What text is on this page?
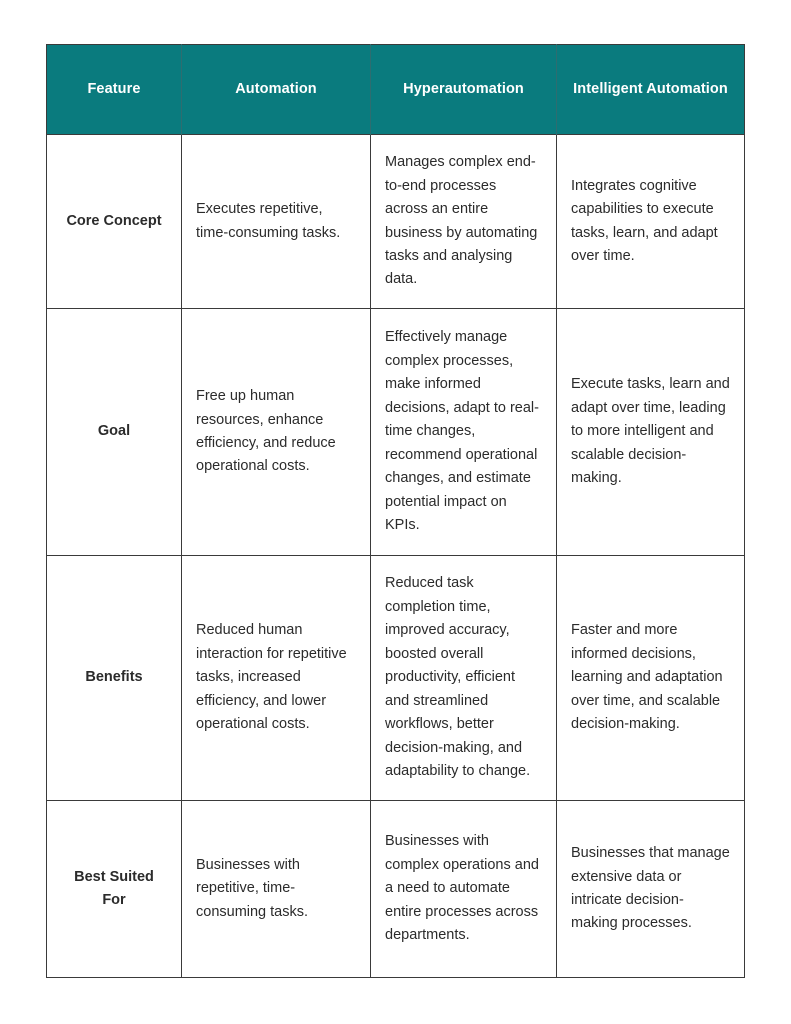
Feature	Automation	Hyperautomation	Intelligent Automation
Core Concept	Executes repetitive, time-consuming tasks.	Manages complex end-to-end processes across an entire business by automating tasks and analysing data.	Integrates cognitive capabilities to execute tasks, learn, and adapt over time.
Goal	Free up human resources, enhance efficiency, and reduce operational costs.	Effectively manage complex processes, make informed decisions, adapt to real-time changes, recommend operational changes, and estimate potential impact on KPIs.	Execute tasks, learn and adapt over time, leading to more intelligent and scalable decision-making.
Benefits	Reduced human interaction for repetitive tasks, increased efficiency, and lower operational costs.	Reduced task completion time, improved accuracy, boosted overall productivity, efficient and streamlined workflows, better decision-making, and adaptability to change.	Faster and more informed decisions, learning and adaptation over time, and scalable decision-making.
Best Suited For	Businesses with repetitive, time-consuming tasks.	Businesses with complex operations and a need to automate entire processes across departments.	Businesses that manage extensive data or intricate decision-making processes.
